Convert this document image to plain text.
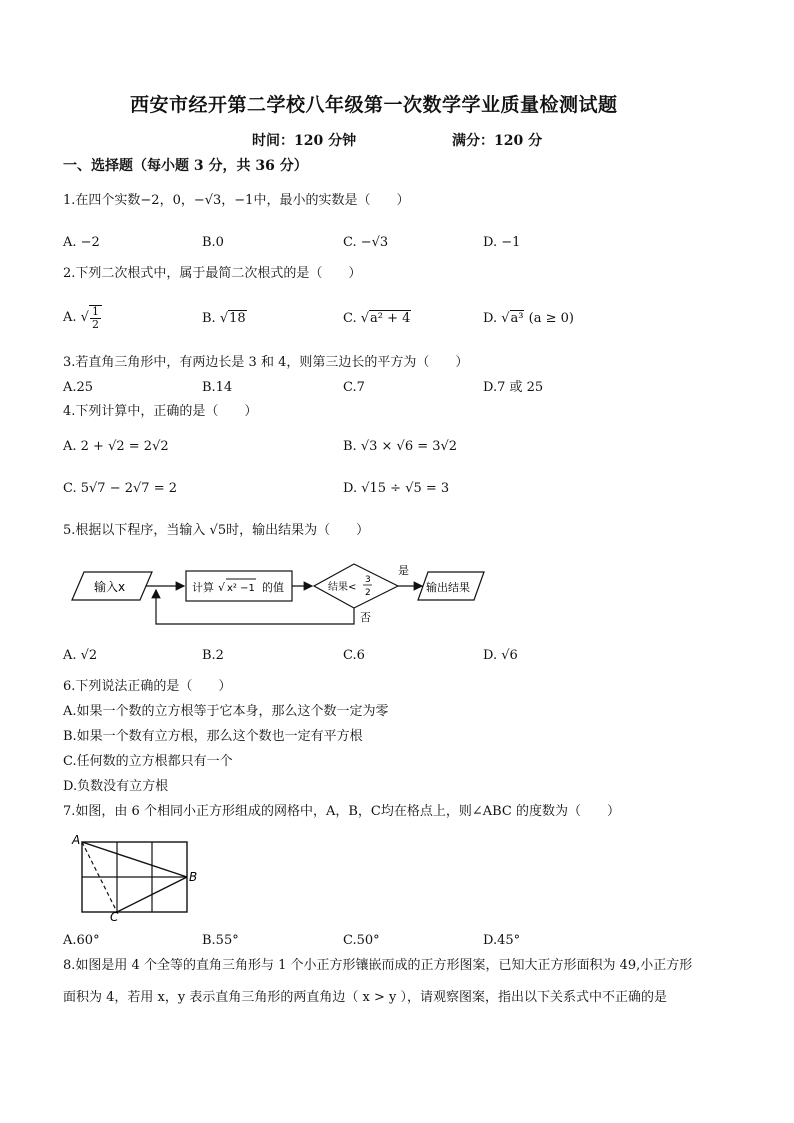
西安市经开第二学校八年级第一次数学学业质量检测试题
时间：120 分钟	满分：120 分
一、选择题（每小题 3 分，共 36 分）
1.在四个实数−2，0，−√3，−1中，最小的实数是（　　）
A. −2	B.0	C. −√3	D. −1
2.下列二次根式中，属于最简二次根式的是（　　）
A. √ $\frac{1}{2}$	B. √18	C. √a² + 4	D. √a³ (a ≥ 0)
3.若直角三角形中，有两边长是 3 和 4，则第三边长的平方为（　　）
A.25	B.14	C.7	D.7 或 25
4.下列计算中，正确的是（　　）
A. 2 + √2 = 2√2	B. √3 × √6 = 3√2
C. 5√7 − 2√7 = 2	D. √15 ÷ √5 = 3
5.根据以下程序，当输入 √5时，输出结果为（　　）
输入x	计算 √ x² −1 的值	结果<
3
2
是
输出结果
否
A. √2	B.2	C.6	D. √6
6.下列说法正确的是（　　）
A.如果一个数的立方根等于它本身，那么这个数一定为零
B.如果一个数有立方根，那么这个数也一定有平方根
C.任何数的立方根都只有一个
D.负数没有立方根
7.如图，由 6 个相同小正方形组成的网格中，A，B，C均在格点上，则∠ABC 的度数为（　　）
A
B
C
A.60°	B.55°	C.50°	D.45°
8.如图是用 4 个全等的直角三角形与 1 个小正方形镶嵌而成的正方形图案，已知大正方形面积为 49,小正方形
面积为 4，若用 x，y 表示直角三角形的两直角边（ x > y ），请观察图案，指出以下关系式中不正确的是
